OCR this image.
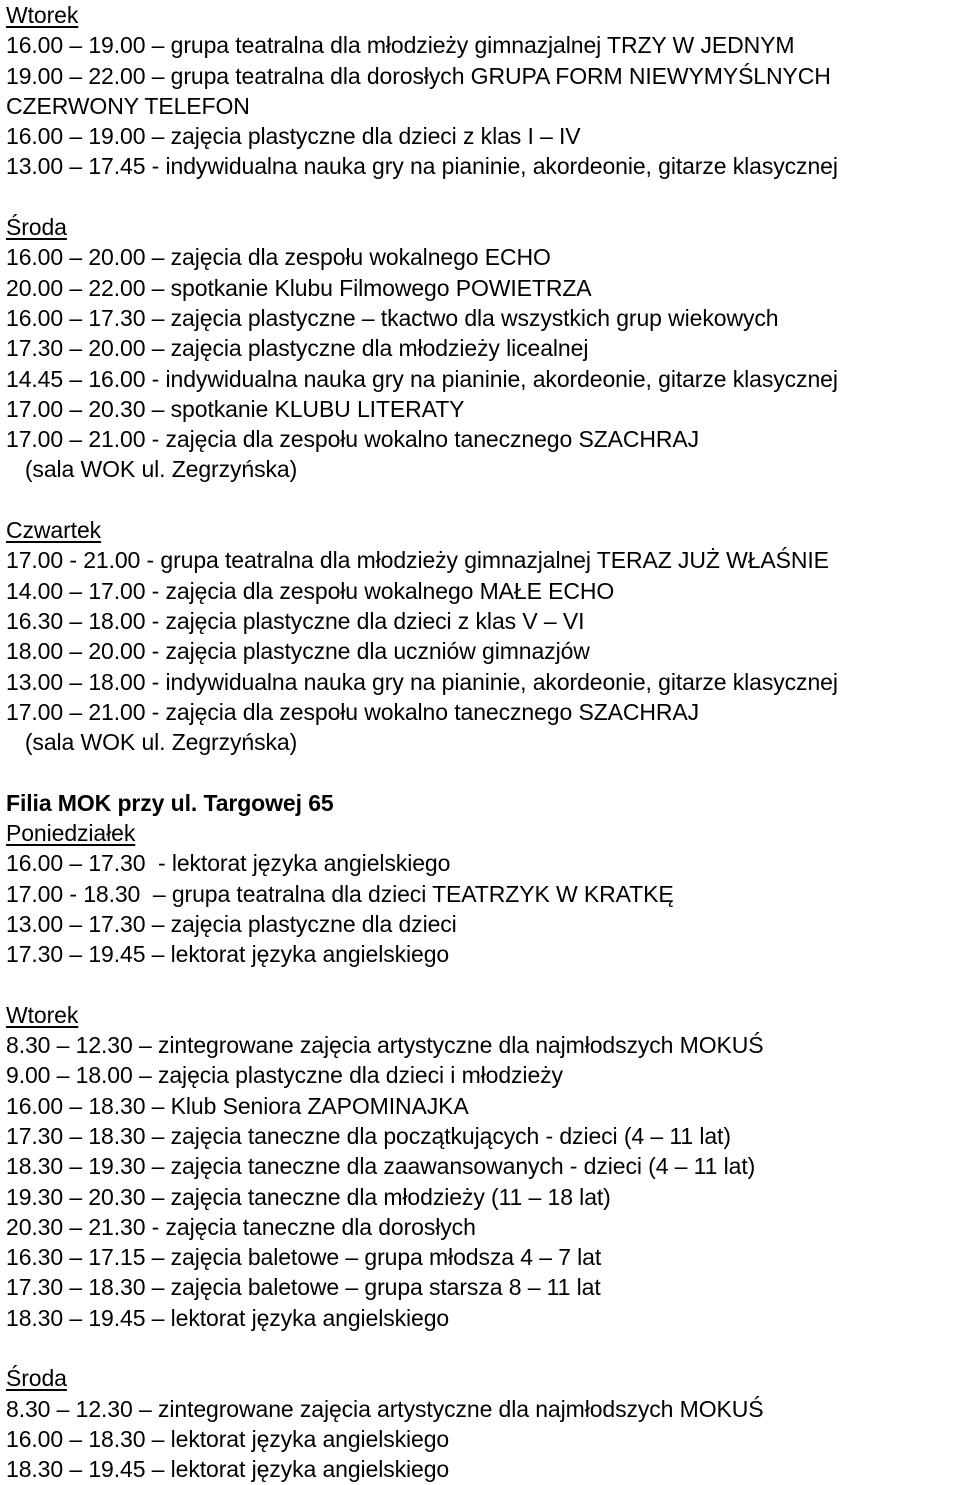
Wtorek
16.00 – 19.00 – grupa teatralna dla młodzieży gimnazjalnej TRZY W JEDNYM
19.00 – 22.00 – grupa teatralna dla dorosłych GRUPA FORM NIEWYMYŚLNYCH
CZERWONY TELEFON
16.00 – 19.00 – zajęcia plastyczne dla dzieci z klas I – IV
13.00 – 17.45 - indywidualna nauka gry na pianinie, akordeonie, gitarze klasycznej
Środa
16.00 – 20.00 – zajęcia dla zespołu wokalnego ECHO
20.00 – 22.00 – spotkanie Klubu Filmowego POWIETRZA
16.00 – 17.30 – zajęcia plastyczne – tkactwo dla wszystkich grup wiekowych
17.30 – 20.00 – zajęcia plastyczne dla młodzieży licealnej
14.45 – 16.00 - indywidualna nauka gry na pianinie, akordeonie, gitarze klasycznej
17.00 – 20.30 – spotkanie KLUBU LITERATY
17.00 – 21.00 - zajęcia dla zespołu wokalno tanecznego SZACHRAJ
(sala WOK ul. Zegrzyńska)
Czwartek
17.00 - 21.00 - grupa teatralna dla młodzieży gimnazjalnej TERAZ JUŻ WŁAŚNIE
14.00 – 17.00 - zajęcia dla zespołu wokalnego MAŁE ECHO
16.30 – 18.00 - zajęcia plastyczne dla dzieci z klas V – VI
18.00 – 20.00 - zajęcia plastyczne dla uczniów gimnazjów
13.00 – 18.00 - indywidualna nauka gry na pianinie, akordeonie, gitarze klasycznej
17.00 – 21.00 - zajęcia dla zespołu wokalno tanecznego SZACHRAJ
(sala WOK ul. Zegrzyńska)
Filia MOK przy ul. Targowej 65
Poniedziałek
16.00 – 17.30  - lektorat języka angielskiego
17.00 - 18.30  – grupa teatralna dla dzieci TEATRZYK W KRATKĘ
13.00 – 17.30 – zajęcia plastyczne dla dzieci
17.30 – 19.45 – lektorat języka angielskiego
Wtorek
8.30 – 12.30 – zintegrowane zajęcia artystyczne dla najmłodszych MOKUŚ
9.00 – 18.00 – zajęcia plastyczne dla dzieci i młodzieży
16.00 – 18.30 – Klub Seniora ZAPOMINAJKA
17.30 – 18.30 – zajęcia taneczne dla początkujących - dzieci (4 – 11 lat)
18.30 – 19.30 – zajęcia taneczne dla zaawansowanych - dzieci (4 – 11 lat)
19.30 – 20.30 – zajęcia taneczne dla młodzieży (11 – 18 lat)
20.30 – 21.30 - zajęcia taneczne dla dorosłych
16.30 – 17.15 – zajęcia baletowe – grupa młodsza 4 – 7 lat
17.30 – 18.30 – zajęcia baletowe – grupa starsza 8 – 11 lat
18.30 – 19.45 – lektorat języka angielskiego
Środa
8.30 – 12.30 – zintegrowane zajęcia artystyczne dla najmłodszych MOKUŚ
16.00 – 18.30 – lektorat języka angielskiego
18.30 – 19.45 – lektorat języka angielskiego
